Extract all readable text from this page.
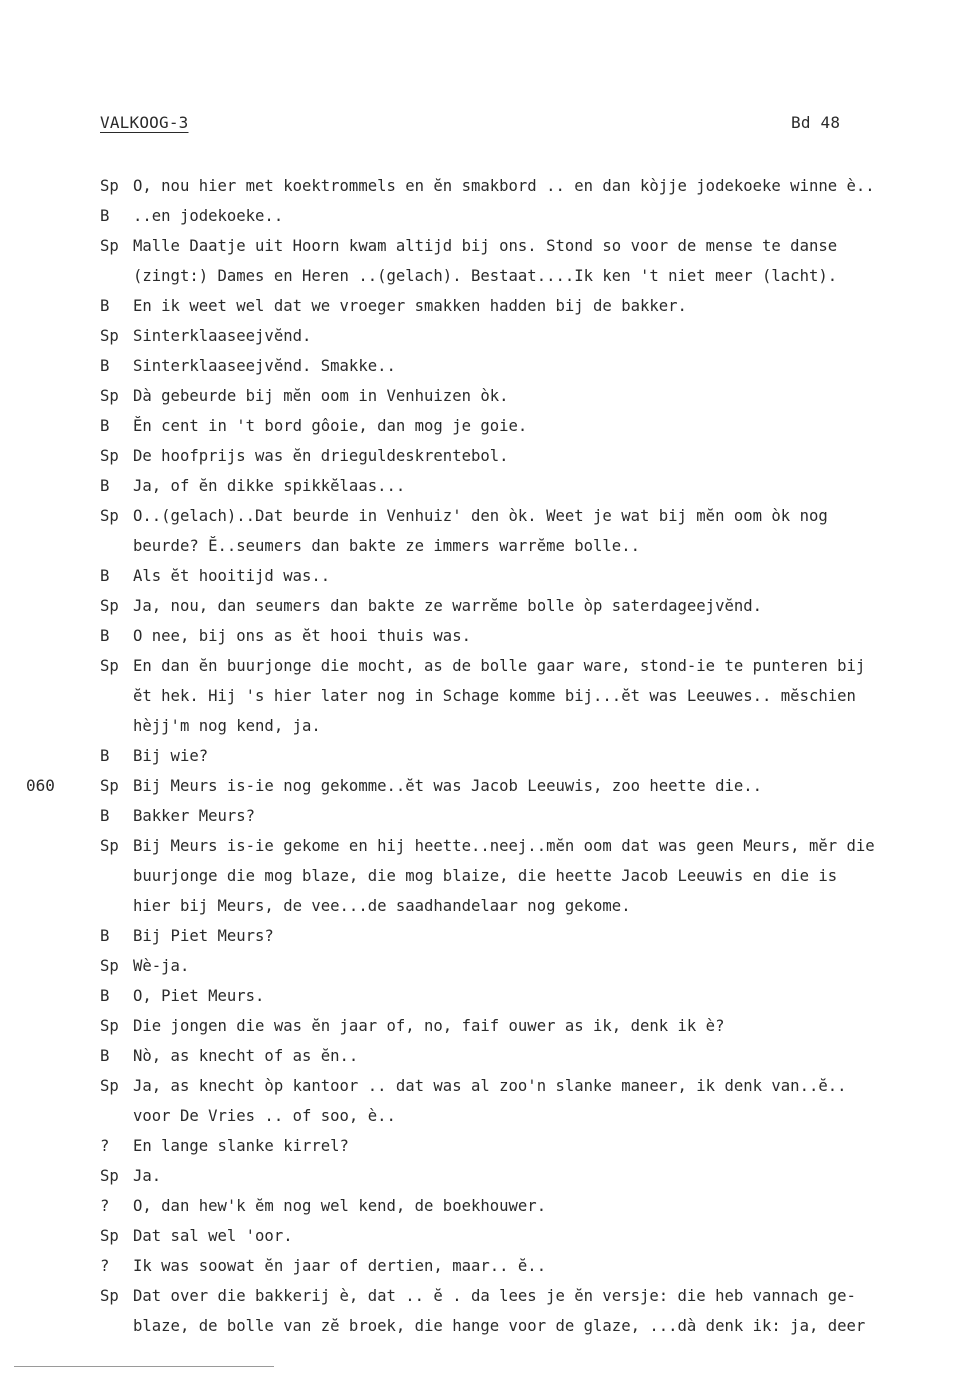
VALKOOG-3	Bd 48
060
Sp O, nou hier met koektrommels en ĕn smakbord .. en dan kòjje jodekoeke winne è..
B ..en jodekoeke..
Sp Malle Daatje uit Hoorn kwam altijd bij ons. Stond so voor de mense te danse
(zingt:) Dames en Heren ..(gelach). Bestaat....Ik ken 't niet meer (lacht).
B En ik weet wel dat we vroeger smakken hadden bij de bakker.
Sp Sinterklaaseejvĕnd.
B Sinterklaaseejvĕnd. Smakke..
Sp Dà gebeurde bij mĕn oom in Venhuizen òk.
B Ĕn cent in 't bord gôoie, dan mog je goie.
Sp De hoofprijs was ĕn drieguldeskrentebol.
B Ja, of ĕn dikke spikkĕlaas...
Sp O..(gelach)..Dat beurde in Venhuiz' den òk. Weet je wat bij mĕn oom òk nog
beurde? Ĕ..seumers dan bakte ze immers warrĕme bolle..
B Als ĕt hooitijd was..
Sp Ja, nou, dan seumers dan bakte ze warrĕme bolle òp saterdageejvĕnd.
B O nee, bij ons as ĕt hooi thuis was.
Sp En dan ĕn buurjonge die mocht, as de bolle gaar ware, stond-ie te punteren bij
ĕt hek. Hij 's hier later nog in Schage komme bij...ĕt was Leeuwes.. mĕschien
hèjj'm nog kend, ja.
B Bij wie?
Sp Bij Meurs is-ie nog gekomme..ĕt was Jacob Leeuwis, zoo heette die..
B Bakker Meurs?
Sp Bij Meurs is-ie gekome en hij heette..neej..mĕn oom dat was geen Meurs, mĕr die
buurjonge die mog blaze, die mog blaize, die heette Jacob Leeuwis en die is
hier bij Meurs, de vee...de saadhandelaar nog gekome.
B Bij Piet Meurs?
Sp Wè-ja.
B O, Piet Meurs.
Sp Die jongen die was ĕn jaar of, no, faif ouwer as ik, denk ik è?
B Nò, as knecht of as ĕn..
Sp Ja, as knecht òp kantoor .. dat was al zoo'n slanke maneer, ik denk van..ĕ..
voor De Vries .. of soo, è..
? En lange slanke kirrel?
Sp Ja.
? O, dan hew'k ĕm nog wel kend, de boekhouwer.
Sp Dat sal wel 'oor.
? Ik was soowat ĕn jaar of dertien, maar.. ĕ..
Sp Dat over die bakkerij è, dat .. ĕ . da lees je ĕn versje: die heb vannach ge-
blaze, de bolle van zĕ broek, die hange voor de glaze, ...dà denk ik: ja, deer
